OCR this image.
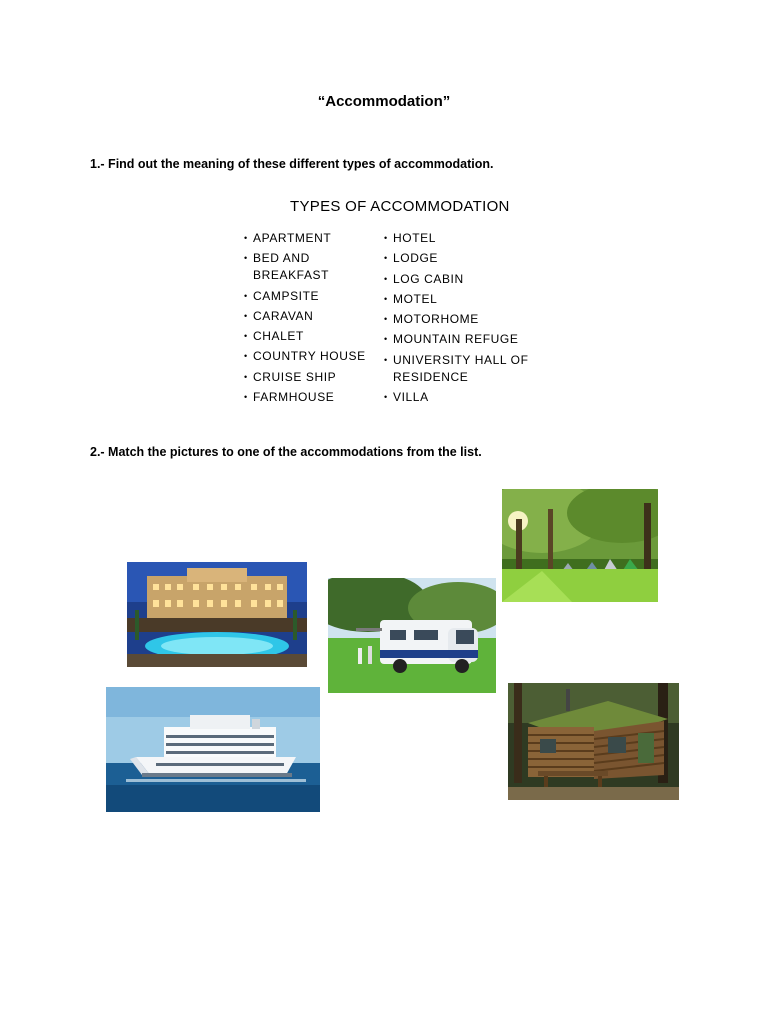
“Accommodation”
1.- Find out the meaning of these different types of accommodation.
TYPES OF ACCOMMODATION
• APARTMENT
• BED AND BREAKFAST
• CAMPSITE
• CARAVAN
• CHALET
• COUNTRY HOUSE
• CRUISE SHIP
• FARMHOUSE
• HOTEL
• LODGE
• LOG CABIN
• MOTEL
• MOTORHOME
• MOUNTAIN REFUGE
• UNIVERSITY HALL OF RESIDENCE
• VILLA
2.- Match the pictures to one of the accommodations from the list.
